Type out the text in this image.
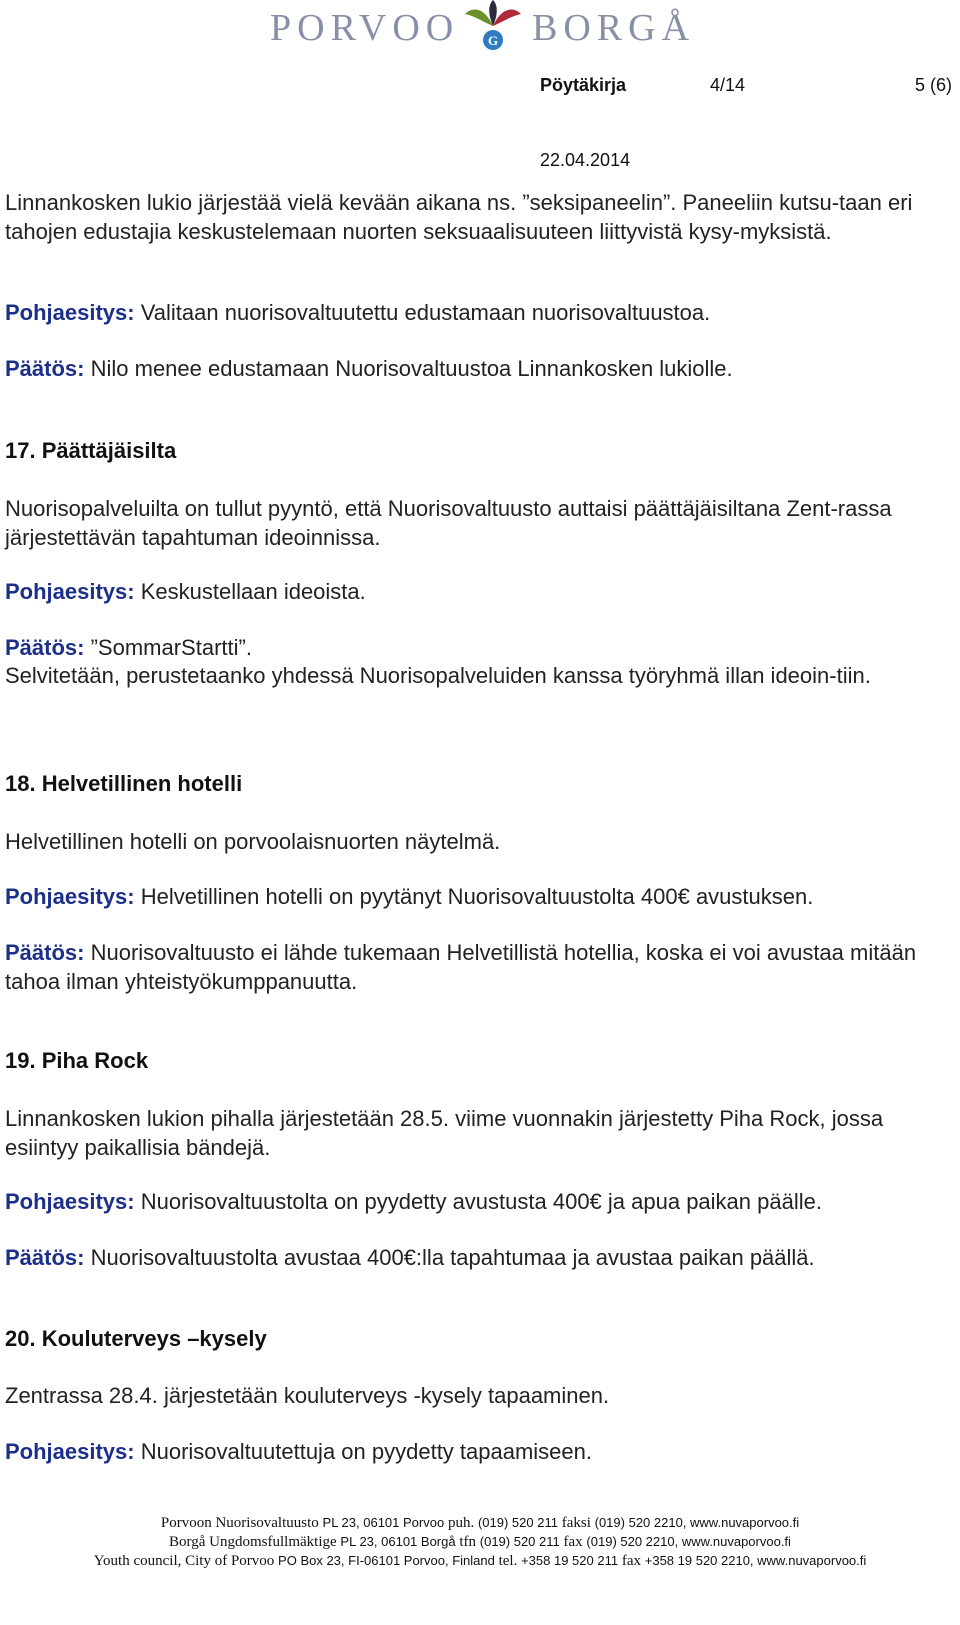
PORVOO G BORGÅ
Pöytäkirja	4/14	5 (6)
22.04.2014

Linnankosken lukio järjestää vielä kevään aikana ns. ”seksipaneelin”. Paneeliin kutsu-taan eri tahojen edustajia keskustelemaan nuorten seksuaalisuuteen liittyvistä kysy-myksistä.

Pohjaesitys: Valitaan nuorisovaltuutettu edustamaan nuorisovaltuustoa.

Päätös: Nilo menee edustamaan Nuorisovaltuustoa Linnankosken lukiolle.

17. Päättäjäisilta

Nuorisopalveluilta on tullut pyyntö, että Nuorisovaltuusto auttaisi päättäjäisiltana Zent-rassa järjestettävän tapahtuman ideoinnissa.

Pohjaesitys: Keskustellaan ideoista.

Päätös: ”SommarStartti”.

Selvitetään, perustetaanko yhdessä Nuorisopalveluiden kanssa työryhmä illan ideoin-tiin.

18. Helvetillinen hotelli

Helvetillinen hotelli on porvoolaisnuorten näytelmä.

Pohjaesitys: Helvetillinen hotelli on pyytänyt Nuorisovaltuustolta 400€ avustuksen.

Päätös: Nuorisovaltuusto ei lähde tukemaan Helvetillistä hotellia, koska ei voi avustaa mitään tahoa ilman yhteistyökumppanuutta.

19. Piha Rock

Linnankosken lukion pihalla järjestetään 28.5. viime vuonnakin järjestetty Piha Rock, jossa esiintyy paikallisia bändejä.

Pohjaesitys: Nuorisovaltuustolta on pyydetty avustusta 400€ ja apua paikan päälle.

Päätös: Nuorisovaltuustolta avustaa 400€:lla tapahtumaa ja avustaa paikan päällä.

20. Kouluterveys –kysely

Zentrassa 28.4. järjestetään kouluterveys -kysely tapaaminen.

Pohjaesitys: Nuorisovaltuutettuja on pyydetty tapaamiseen.

Porvoon Nuorisovaltuusto PL 23, 06101 Porvoo puh. (019) 520 211 faksi (019) 520 2210, www.nuvaporvoo.fi
Borgå Ungdomsfullmäktige PL 23, 06101 Borgå tfn (019) 520 211 fax (019) 520 2210, www.nuvaporvoo.fi
Youth council, City of Porvoo PO Box 23, FI-06101 Porvoo, Finland tel. +358 19 520 211 fax +358 19 520 2210, www.nuvaporvoo.fi
